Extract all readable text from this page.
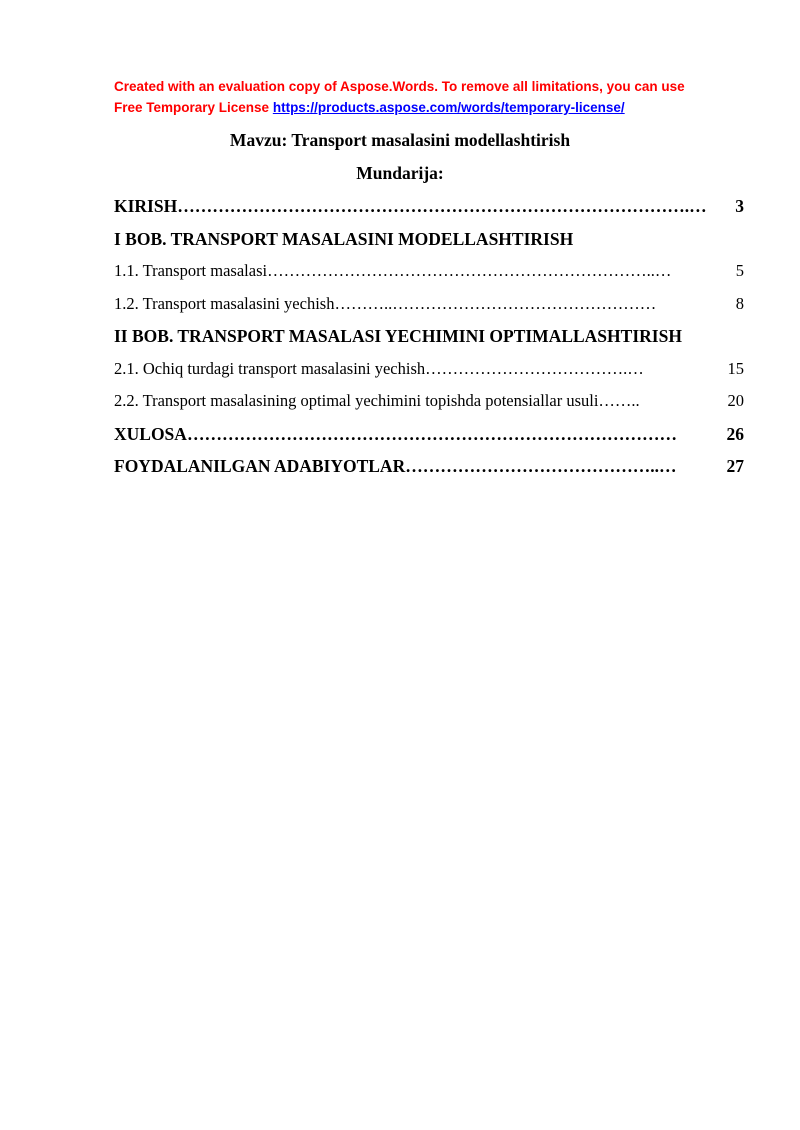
Created with an evaluation copy of Aspose.Words. To remove all limitations, you can use
Free Temporary License https://products.aspose.com/words/temporary-license/

Mavzu: Transport masalasini modellashtirish

Mundarija:

KIRISH …………………………………………………………………………….…	3
I BOB. TRANSPORT MASALASINI MODELLASHTIRISH
1.1. Transport masalasi ……………………………………………………………..…	5
1.2. Transport masalasini yechish ………..…………………………………………	8
II BOB. TRANSPORT MASALASI YECHIMINI OPTIMALLASHTIRISH
2.1. Ochiq turdagi transport masalasini yechish ……………………………….…	15
2.2. Transport masalasining optimal yechimini topishda potensiallar usuli ……..	20
XULOSA …………………………………………………………………………	26
FOYDALANILGAN ADABIYOTLAR ……………………………………..…	27
